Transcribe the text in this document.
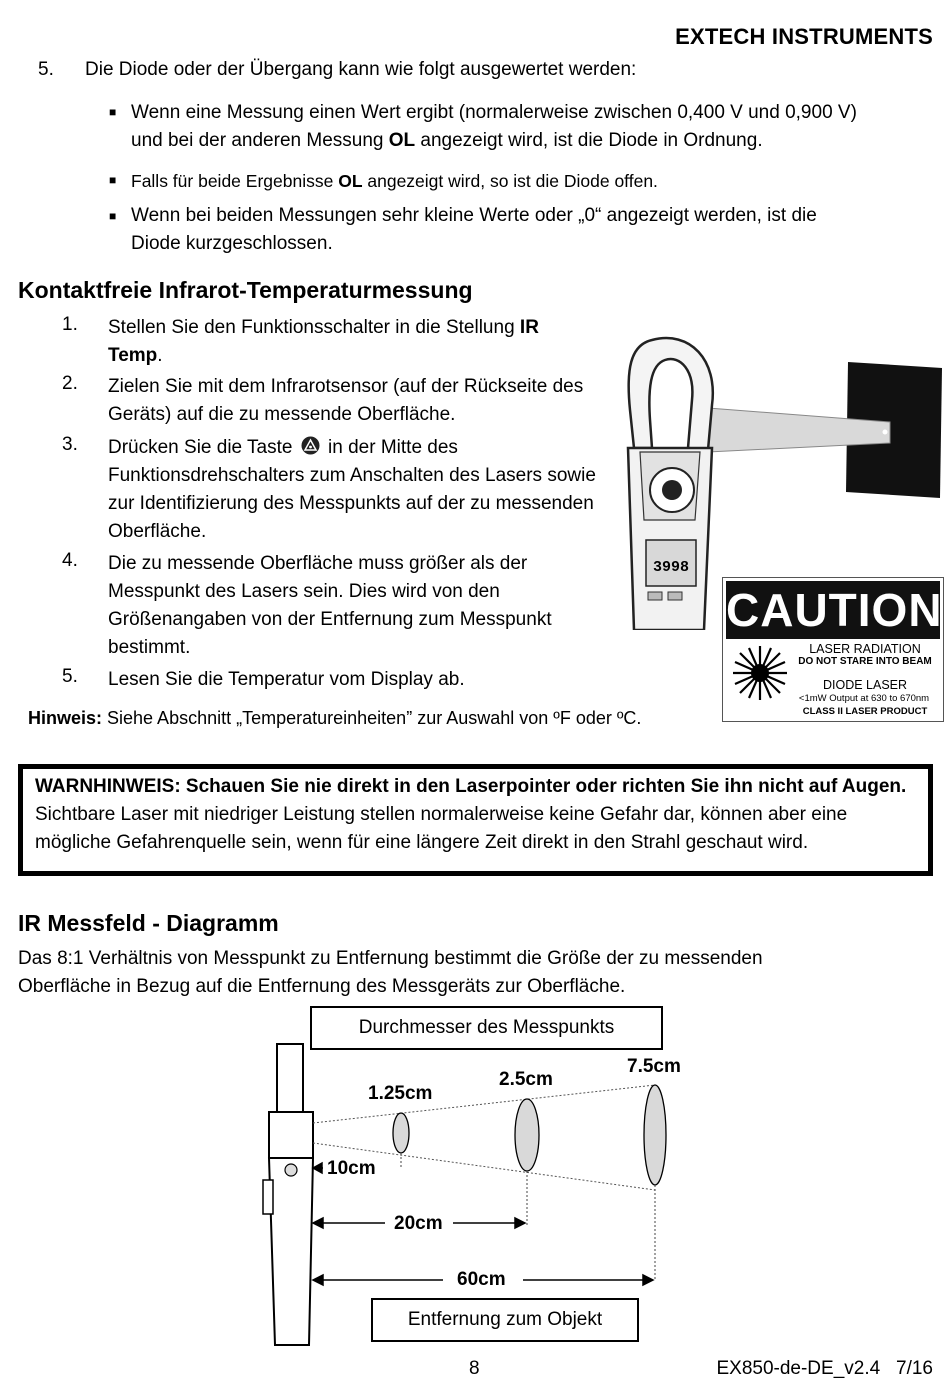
EXTECH INSTRUMENTS
5. Die Diode oder der Übergang kann wie folgt ausgewertet werden:
■ Wenn eine Messung einen Wert ergibt (normalerweise zwischen 0,400 V und 0,900 V)
und bei der anderen Messung OL angezeigt wird, ist die Diode in Ordnung.
■ Falls für beide Ergebnisse OL angezeigt wird, so ist die Diode offen.
■ Wenn bei beiden Messungen sehr kleine Werte oder „0“ angezeigt werden, ist die
Diode kurzgeschlossen.
Kontaktfreie Infrarot-Temperaturmessung
1. Stellen Sie den Funktionsschalter in die Stellung IR Temp.
2. Zielen Sie mit dem Infrarotsensor (auf der Rückseite des Geräts) auf die zu messende Oberfläche.
3. Drücken Sie die Taste  in der Mitte des Funktionsdrehschalters zum Anschalten des Lasers sowie zur Identifizierung des Messpunkts auf der zu messenden Oberfläche.
4. Die zu messende Oberfläche muss größer als der Messpunkt des Lasers sein. Dies wird von den Größenangaben von der Entfernung zum Messpunkt bestimmt.
5. Lesen Sie die Temperatur vom Display ab.
Hinweis: Siehe Abschnitt „Temperatureinheiten” zur Auswahl von ºF oder ºC.
3998
CAUTION
LASER RADIATION
DO NOT STARE INTO BEAM
DIODE LASER
<1mW Output at 630 to 670nm
CLASS II LASER PRODUCT
WARNHINWEIS: Schauen Sie nie direkt in den Laserpointer oder richten Sie ihn nicht auf Augen. Sichtbare Laser mit niedriger Leistung stellen normalerweise keine Gefahr dar, können aber eine mögliche Gefahrenquelle sein, wenn für eine längere Zeit direkt in den Strahl geschaut wird.
IR Messfeld - Diagramm
Das 8:1 Verhältnis von Messpunkt zu Entfernung bestimmt die Größe der zu messenden
Oberfläche in Bezug auf die Entfernung des Messgeräts zur Oberfläche.
Durchmesser des Messpunkts
Entfernung zum Objekt
1.25cm
2.5cm
7.5cm
10cm
20cm
60cm
8	EX850-de-DE_v2.4   7/16
